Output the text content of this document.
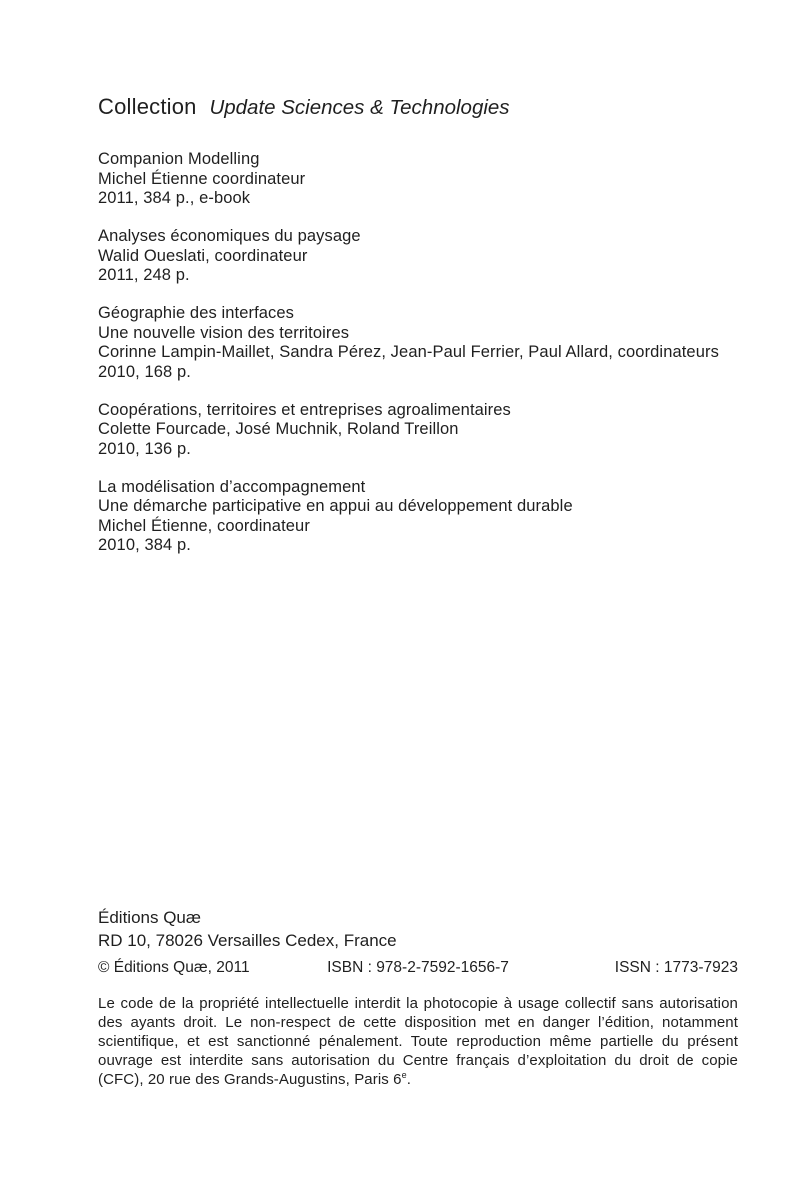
Collection Update Sciences & Technologies
Companion Modelling
Michel Étienne coordinateur
2011, 384 p., e-book
Analyses économiques du paysage
Walid Oueslati, coordinateur
2011, 248 p.
Géographie des interfaces
Une nouvelle vision des territoires
Corinne Lampin-Maillet, Sandra Pérez, Jean-Paul Ferrier, Paul Allard, coordinateurs
2010, 168 p.
Coopérations, territoires et entreprises agroalimentaires
Colette Fourcade, José Muchnik, Roland Treillon
2010, 136 p.
La modélisation d’accompagnement
Une démarche participative en appui au développement durable
Michel Étienne, coordinateur
2010, 384 p.
Éditions Quæ
RD 10, 78026 Versailles Cedex, France
© Éditions Quæ, 2011	ISBN : 978-2-7592-1656-7	ISSN : 1773-7923

Le code de la propriété intellectuelle interdit la photocopie à usage collectif sans autorisation des ayants droit. Le non-respect de cette disposition met en danger l’édition, notamment scientifique, et est sanctionné pénalement. Toute reproduction même partielle du présent ouvrage est interdite sans autorisation du Centre français d’exploitation du droit de copie (CFC), 20 rue des Grands-Augustins, Paris 6e.
